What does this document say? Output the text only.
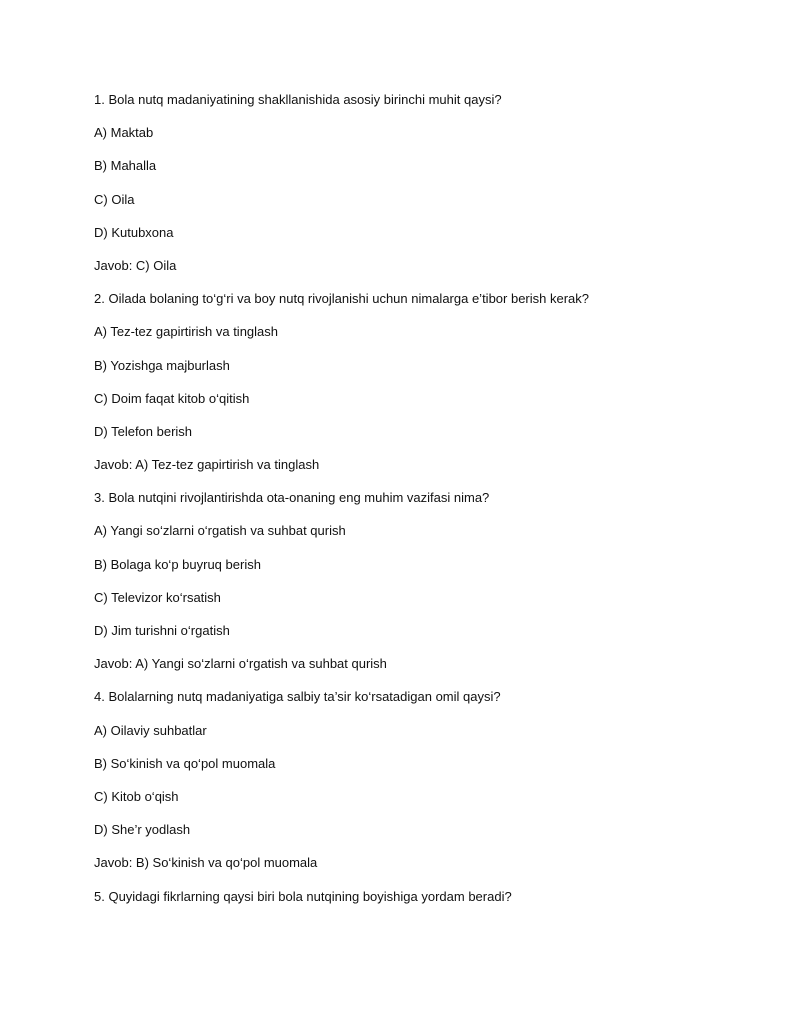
1. Bola nutq madaniyatining shakllanishida asosiy birinchi muhit qaysi?
A) Maktab
B) Mahalla
C) Oila
D) Kutubxona
Javob: C) Oila
2. Oilada bolaning to‘g‘ri va boy nutq rivojlanishi uchun nimalarga e’tibor berish kerak?
A) Tez-tez gapirtirish va tinglash
B) Yozishga majburlash
C) Doim faqat kitob o‘qitish
D) Telefon berish
Javob: A) Tez-tez gapirtirish va tinglash
3. Bola nutqini rivojlantirishda ota-onaning eng muhim vazifasi nima?
A) Yangi so‘zlarni o‘rgatish va suhbat qurish
B) Bolaga ko‘p buyruq berish
C) Televizor ko‘rsatish
D) Jim turishni o‘rgatish
Javob: A) Yangi so‘zlarni o‘rgatish va suhbat qurish
4. Bolalarning nutq madaniyatiga salbiy ta’sir ko‘rsatadigan omil qaysi?
A) Oilaviy suhbatlar
B) So‘kinish va qo‘pol muomala
C) Kitob o‘qish
D) She’r yodlash
Javob: B) So‘kinish va qo‘pol muomala
5. Quyidagi fikrlarning qaysi biri bola nutqining boyishiga yordam beradi?
